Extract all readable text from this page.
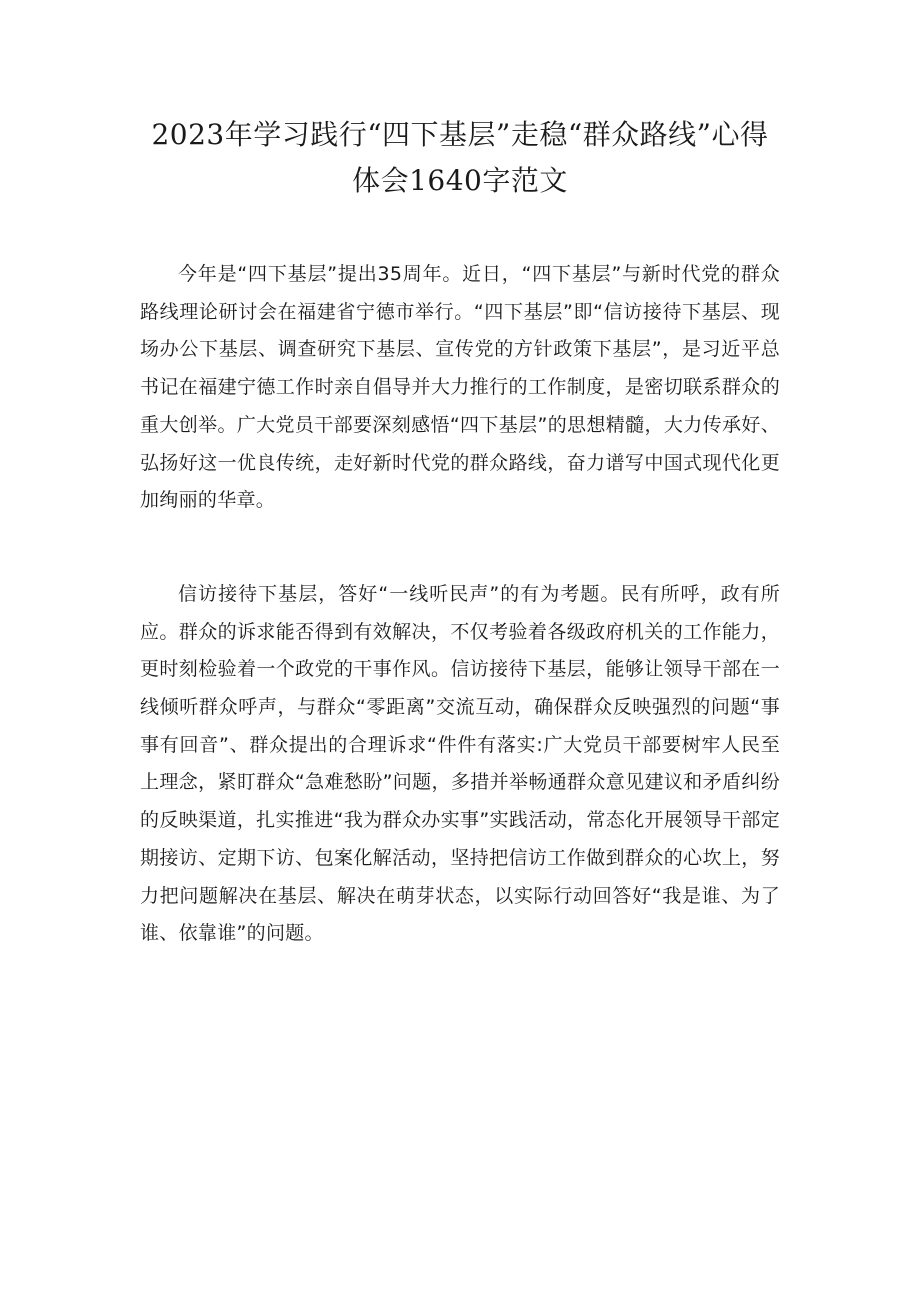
2023年学习践行“四下基层”走稳“群众路线”心得
体会1640字范文

今年是“四下基层”提出35周年。近日，“四下基层”与新时代党的群众路线理论研讨会在福建省宁德市举行。“四下基层”即“信访接待下基层、现场办公下基层、调查研究下基层、宣传党的方针政策下基层”，是习近平总书记在福建宁德工作时亲自倡导并大力推行的工作制度，是密切联系群众的重大创举。广大党员干部要深刻感悟“四下基层”的思想精髓，大力传承好、弘扬好这一优良传统，走好新时代党的群众路线，奋力谱写中国式现代化更加绚丽的华章。

信访接待下基层，答好“一线听民声”的有为考题。民有所呼，政有所应。群众的诉求能否得到有效解决，不仅考验着各级政府机关的工作能力，更时刻检验着一个政党的干事作风。信访接待下基层，能够让领导干部在一线倾听群众呼声，与群众“零距离”交流互动，确保群众反映强烈的问题“事事有回音”、群众提出的合理诉求“件件有落实:广大党员干部要树牢人民至上理念，紧盯群众“急难愁盼”问题，多措并举畅通群众意见建议和矛盾纠纷的反映渠道，扎实推进“我为群众办实事”实践活动，常态化开展领导干部定期接访、定期下访、包案化解活动，坚持把信访工作做到群众的心坎上，努力把问题解决在基层、解决在萌芽状态，以实际行动回答好“我是谁、为了谁、依靠谁”的问题。
